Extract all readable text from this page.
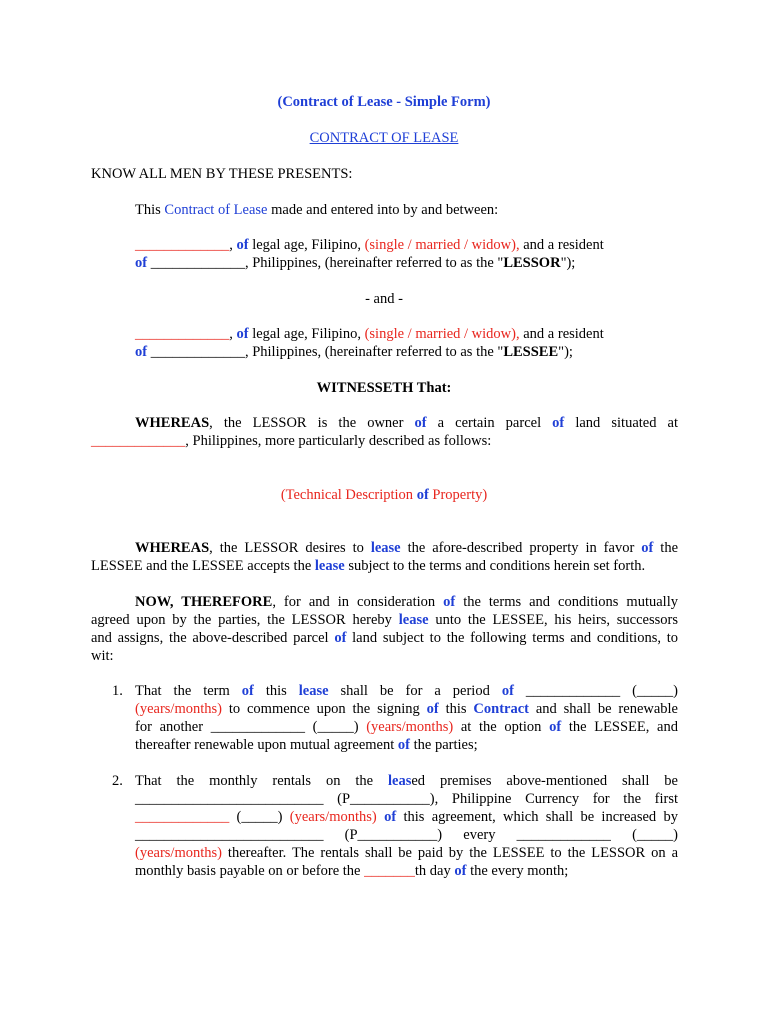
(Contract of Lease - Simple Form)
CONTRACT OF LEASE
KNOW ALL MEN BY THESE PRESENTS:
This Contract of Lease made and entered into by and between:
_____________, of legal age, Filipino, (single / married / widow), and a resident
of _____________, Philippines, (hereinafter referred to as the "LESSOR");
- and -
_____________, of legal age, Filipino, (single / married / widow), and a resident
of _____________, Philippines, (hereinafter referred to as the "LESSEE");
WITNESSETH That:
WHEREAS, the LESSOR is the owner of a certain parcel of land situated at
_____________, Philippines, more particularly described as follows:
(Technical Description of Property)
WHEREAS, the LESSOR desires to lease the afore-described property in favor of the
LESSEE and the LESSEE accepts the lease subject to the terms and conditions herein set forth.
NOW, THEREFORE, for and in consideration of the terms and conditions mutually
agreed upon by the parties, the LESSOR hereby lease unto the LESSEE, his heirs, successors
and assigns, the above-described parcel of land subject to the following terms and conditions, to
wit:
1. That the term of this lease shall be for a period of _____________ (_____)
(years/months) to commence upon the signing of this Contract and shall be renewable
for another _____________ (_____) (years/months) at the option of the LESSEE, and
thereafter renewable upon mutual agreement of the parties;
2. That the monthly rentals on the leased premises above-mentioned shall be
__________________________ (P___________), Philippine Currency for the first
_____________ (_____) (years/months) of this agreement, which shall be increased by
__________________________ (P___________) every _____________ (_____)
(years/months) thereafter. The rentals shall be paid by the LESSEE to the LESSOR on a
monthly basis payable on or before the _______th day of the every month;
